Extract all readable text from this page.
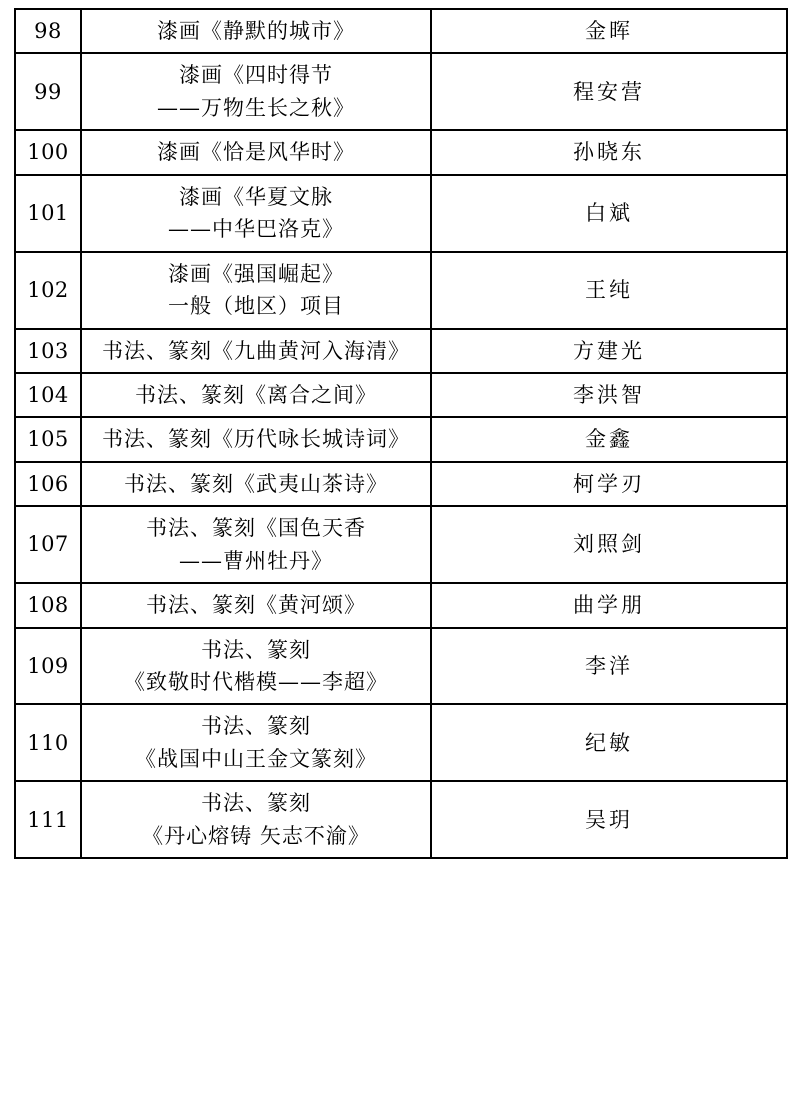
98	漆画《静默的城市》	金晖
99	漆画《四时得节
——万物生长之秋》	程安营
100	漆画《恰是风华时》	孙晓东
101	漆画《华夏文脉
——中华巴洛克》	白斌
102	漆画《强国崛起》
一般（地区）项目	王纯
103	书法、篆刻《九曲黄河入海清》	方建光
104	书法、篆刻《离合之间》	李洪智
105	书法、篆刻《历代咏长城诗词》	金鑫
106	书法、篆刻《武夷山茶诗》	柯学刃
107	书法、篆刻《国色天香
——曹州牡丹》	刘照剑
108	书法、篆刻《黄河颂》	曲学朋
109	书法、篆刻
《致敬时代楷模——李超》	李洋
110	书法、篆刻
《战国中山王金文篆刻》	纪敏
111	书法、篆刻
《丹心熔铸 矢志不渝》	吴玥
